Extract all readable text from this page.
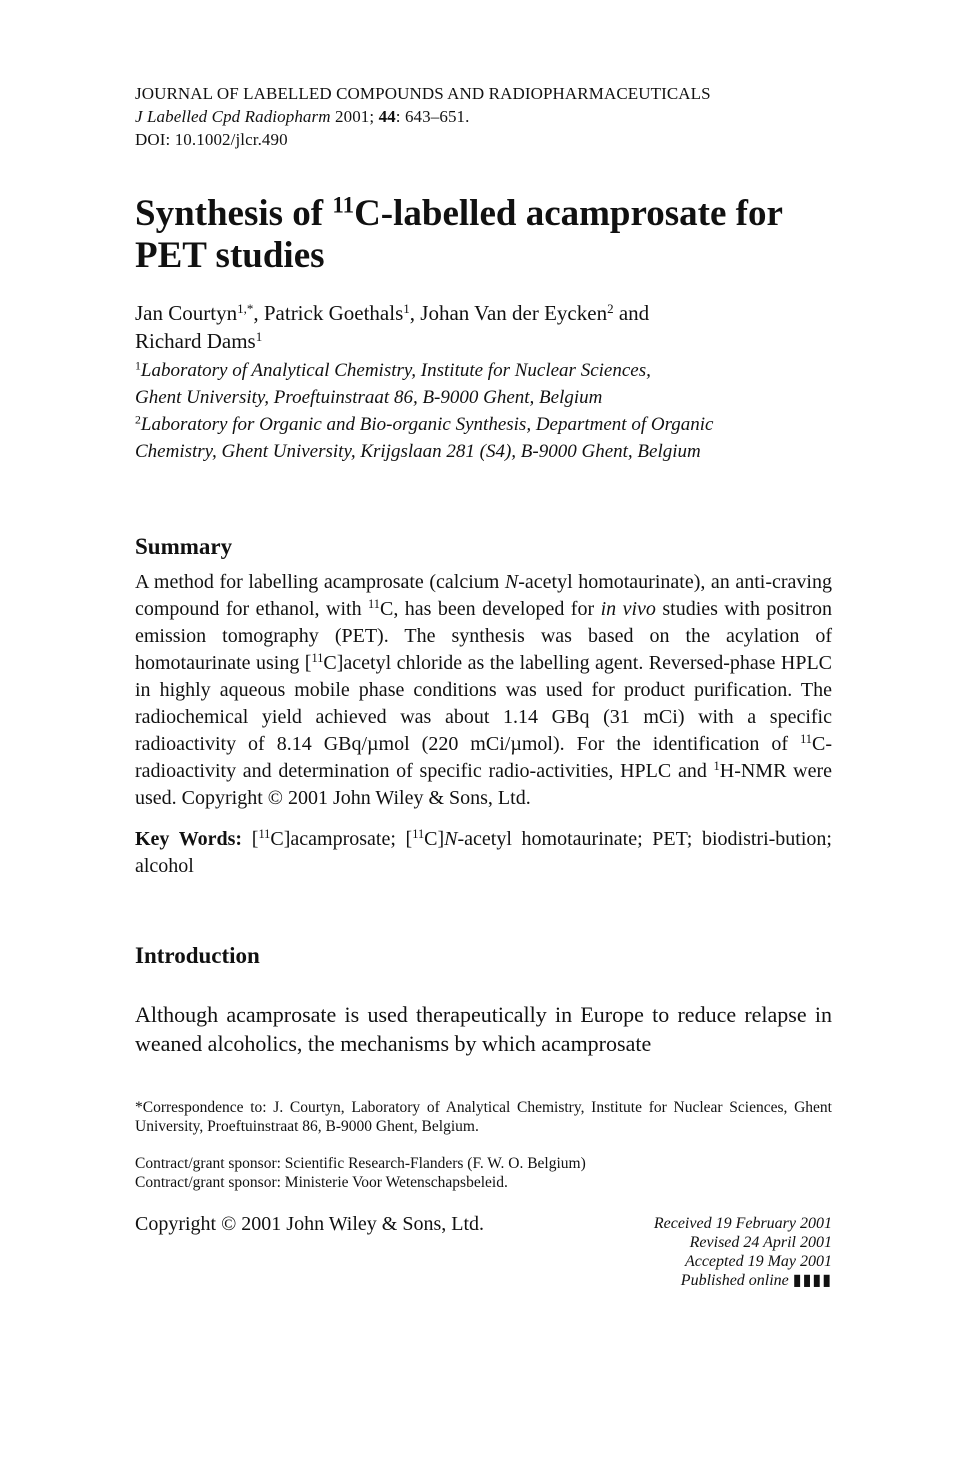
JOURNAL OF LABELLED COMPOUNDS AND RADIOPHARMACEUTICALS
J Labelled Cpd Radiopharm 2001; 44: 643–651.
DOI: 10.1002/jlcr.490
Synthesis of $^{11}$C-labelled acamprosate for
PET studies
Jan Courtyn$^{1,*}$, Patrick Goethals$^1$, Johan Van der Eycken$^2$ and
Richard Dams$^1$
$^1$Laboratory of Analytical Chemistry, Institute for Nuclear Sciences,
Ghent University, Proeftuinstraat 86, B-9000 Ghent, Belgium
$^2$Laboratory for Organic and Bio-organic Synthesis, Department of Organic
Chemistry, Ghent University, Krijgslaan 281 (S4), B-9000 Ghent, Belgium
Summary
A method for labelling acamprosate (calcium N-acetyl homotaurinate), an anti-craving compound for ethanol, with $^{11}$C, has been developed for in vivo studies with positron emission tomography (PET). The synthesis was based on the acylation of homotaurinate using [$^{11}$C]acetyl chloride as the labelling agent. Reversed-phase HPLC in highly aqueous mobile phase conditions was used for product purification. The radiochemical yield achieved was about 1.14 GBq (31 mCi) with a specific radioactivity of 8.14 GBq/µmol (220 mCi/µmol). For the identification of $^{11}$C-radioactivity and determination of specific radio-activities, HPLC and $^1$H-NMR were used. Copyright © 2001 John Wiley & Sons, Ltd.
Key Words: [$^{11}$C]acamprosate; [$^{11}$C]N-acetyl homotaurinate; PET; biodistri-bution; alcohol
Introduction
Although acamprosate is used therapeutically in Europe to reduce relapse in weaned alcoholics, the mechanisms by which acamprosate

*Correspondence to: J. Courtyn, Laboratory of Analytical Chemistry, Institute for Nuclear Sciences, Ghent University, Proeftuinstraat 86, B-9000 Ghent, Belgium.

Contract/grant sponsor: Scientific Research-Flanders (F. W. O. Belgium)

Contract/grant sponsor: Ministerie Voor Wetenschapsbeleid.

Copyright © 2001 John Wiley & Sons, Ltd.	Received 19 February 2001
Revised 24 April 2001
Accepted 19 May 2001
Published online ▮▮▮▮
